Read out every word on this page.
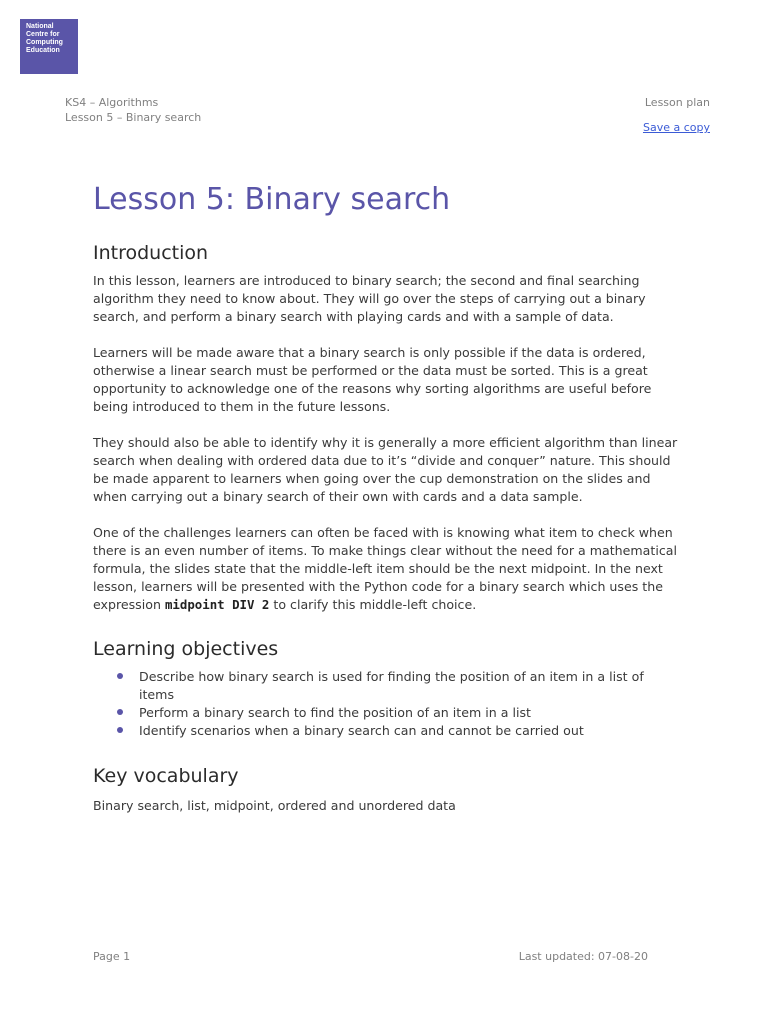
National
Centre for
Computing
Education
KS4 – Algorithms
Lesson 5 – Binary search
Lesson plan
Save a copy
Lesson 5: Binary search
Introduction

In this lesson, learners are introduced to binary search; the second and final searching algorithm they need to know about. They will go over the steps of carrying out a binary search, and perform a binary search with playing cards and with a sample of data.

Learners will be made aware that a binary search is only possible if the data is ordered, otherwise a linear search must be performed or the data must be sorted. This is a great opportunity to acknowledge one of the reasons why sorting algorithms are useful before being introduced to them in the future lessons.

They should also be able to identify why it is generally a more efficient algorithm than linear search when dealing with ordered data due to it’s “divide and conquer” nature. This should be made apparent to learners when going over the cup demonstration on the slides and when carrying out a binary search of their own with cards and a data sample.

One of the challenges learners can often be faced with is knowing what item to check when there is an even number of items. To make things clear without the need for a mathematical formula, the slides state that the middle-left item should be the next midpoint. In the next lesson, learners will be presented with the Python code for a binary search which uses the expression midpoint DIV 2 to clarify this middle-left choice.

Learning objectives
Describe how binary search is used for finding the position of an item in a list of items
Perform a binary search to find the position of an item in a list
Identify scenarios when a binary search can and cannot be carried out
Key vocabulary
Binary search, list, midpoint, ordered and unordered data
Page 1	Last updated: 07-08-20
